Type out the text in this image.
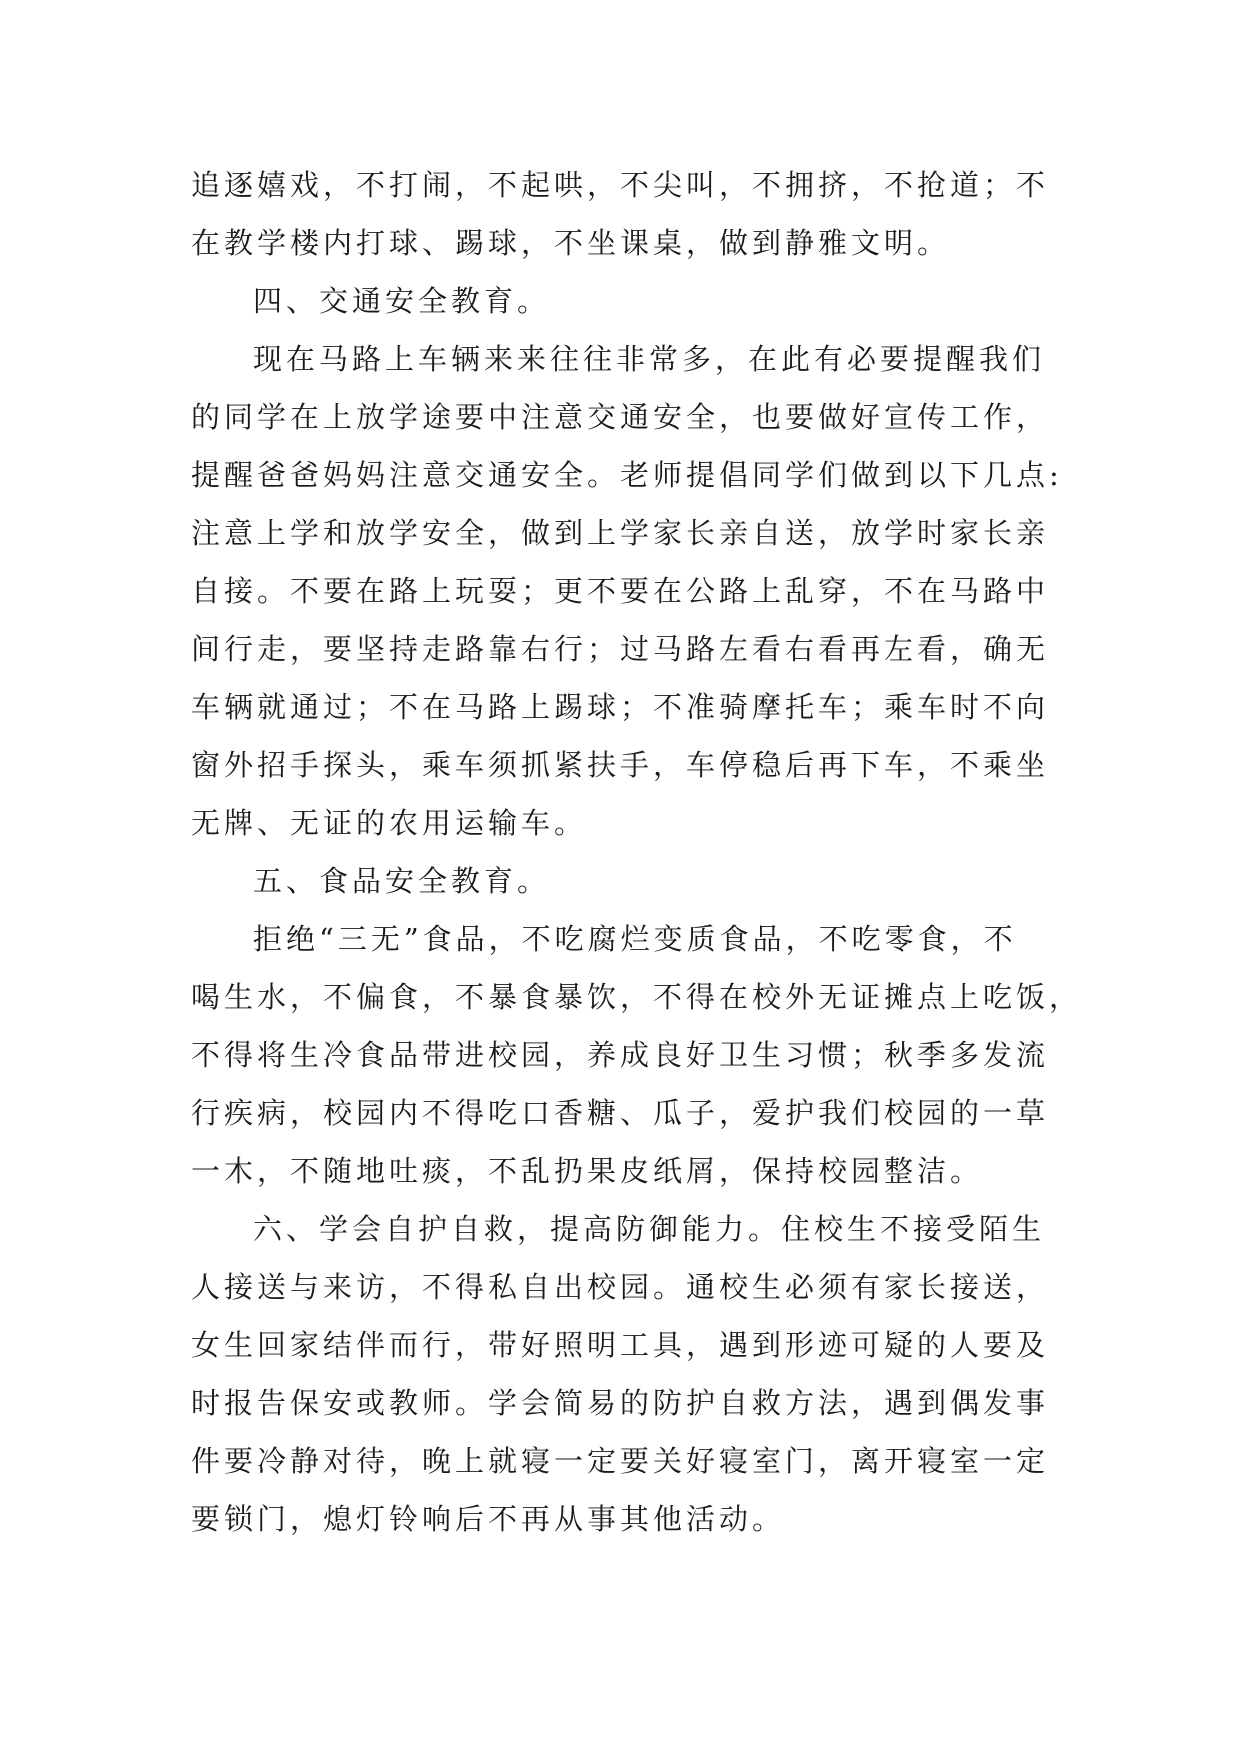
追逐嬉戏，不打闹，不起哄，不尖叫，不拥挤，不抢道；不
在教学楼内打球、踢球，不坐课桌，做到静雅文明。
四、交通安全教育。
现在马路上车辆来来往往非常多，在此有必要提醒我们
的同学在上放学途要中注意交通安全，也要做好宣传工作，
提醒爸爸妈妈注意交通安全。老师提倡同学们做到以下几点:
注意上学和放学安全，做到上学家长亲自送，放学时家长亲
自接。不要在路上玩耍；更不要在公路上乱穿，不在马路中
间行走，要坚持走路靠右行；过马路左看右看再左看，确无
车辆就通过；不在马路上踢球；不准骑摩托车；乘车时不向
窗外招手探头，乘车须抓紧扶手，车停稳后再下车，不乘坐
无牌、无证的农用运输车。
五、食品安全教育。
拒绝“三无”食品，不吃腐烂变质食品，不吃零食，不
喝生水，不偏食，不暴食暴饮，不得在校外无证摊点上吃饭，
不得将生冷食品带进校园，养成良好卫生习惯；秋季多发流
行疾病，校园内不得吃口香糖、瓜子，爱护我们校园的一草
一木，不随地吐痰，不乱扔果皮纸屑，保持校园整洁。
六、学会自护自救，提高防御能力。住校生不接受陌生
人接送与来访，不得私自出校园。通校生必须有家长接送，
女生回家结伴而行，带好照明工具，遇到形迹可疑的人要及
时报告保安或教师。学会简易的防护自救方法，遇到偶发事
件要冷静对待，晚上就寝一定要关好寝室门，离开寝室一定
要锁门，熄灯铃响后不再从事其他活动。
